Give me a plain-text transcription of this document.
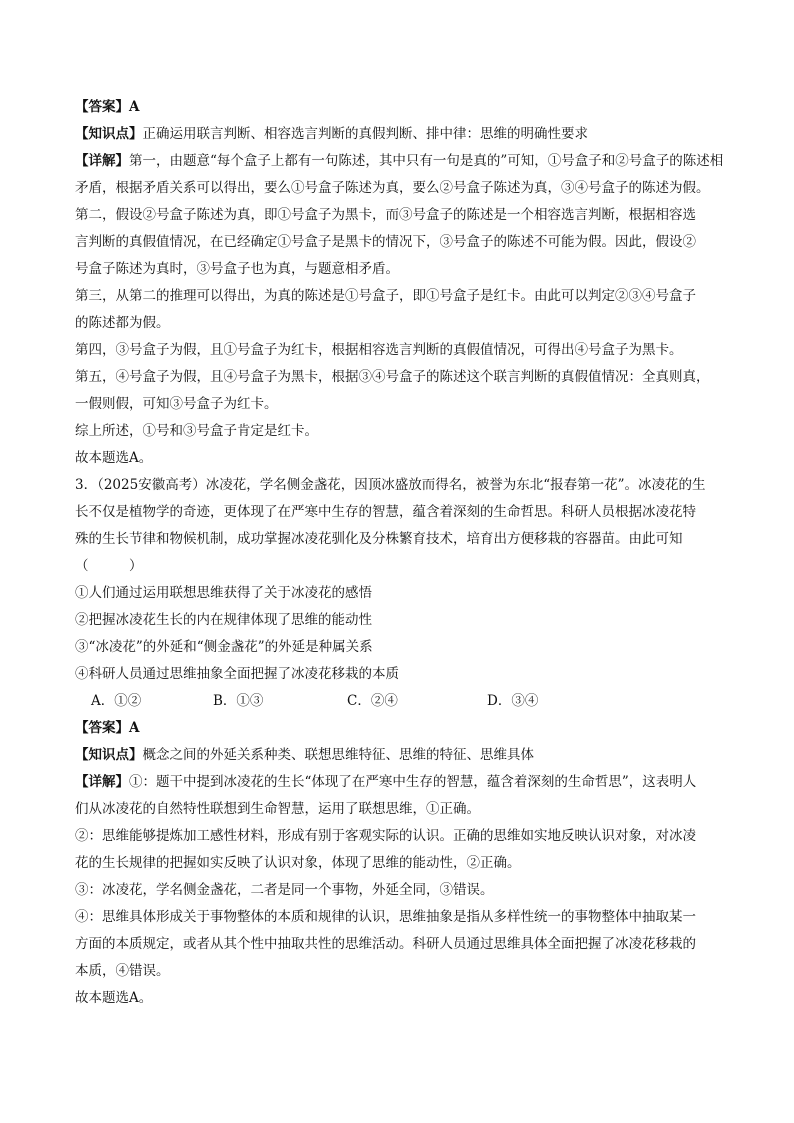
【答案】A

【知识点】正确运用联言判断、相容选言判断的真假判断、排中律：思维的明确性要求

【详解】第一，由题意“每个盒子上都有一句陈述，其中只有一句是真的”可知，①号盒子和②号盒子的陈述相

矛盾，根据矛盾关系可以得出，要么①号盒子陈述为真，要么②号盒子陈述为真，③④号盒子的陈述为假。

第二，假设②号盒子陈述为真，即①号盒子为黑卡，而③号盒子的陈述是一个相容选言判断，根据相容选

言判断的真假值情况，在已经确定①号盒子是黑卡的情况下，③号盒子的陈述不可能为假。因此，假设②

号盒子陈述为真时，③号盒子也为真，与题意相矛盾。

第三，从第二的推理可以得出，为真的陈述是①号盒子，即①号盒子是红卡。由此可以判定②③④号盒子

的陈述都为假。

第四，③号盒子为假，且①号盒子为红卡，根据相容选言判断的真假值情况，可得出④号盒子为黑卡。

第五，④号盒子为假，且④号盒子为黑卡，根据③④号盒子的陈述这个联言判断的真假值情况：全真则真，

一假则假，可知③号盒子为红卡。

综上所述，①号和③号盒子肯定是红卡。

故本题选A。

3．（2025安徽高考）冰凌花，学名侧金盏花，因顶冰盛放而得名，被誉为东北“报春第一花”。冰凌花的生

长不仅是植物学的奇迹，更体现了在严寒中生存的智慧，蕴含着深刻的生命哲思。科研人员根据冰凌花特

殊的生长节律和物候机制，成功掌握冰凌花驯化及分株繁育技术，培育出方便移栽的容器苗。由此可知

（　　　）

①人们通过运用联想思维获得了关于冰凌花的感悟

②把握冰凌花生长的内在规律体现了思维的能动性

③“冰凌花”的外延和“侧金盏花”的外延是种属关系

④科研人员通过思维抽象全面把握了冰凌花移栽的本质

A．①②	B．①③	C．②④	D．③④

【答案】A

【知识点】概念之间的外延关系种类、联想思维特征、思维的特征、思维具体

【详解】①：题干中提到冰凌花的生长“体现了在严寒中生存的智慧，蕴含着深刻的生命哲思”，这表明人

们从冰凌花的自然特性联想到生命智慧，运用了联想思维，①正确。

②：思维能够提炼加工感性材料，形成有别于客观实际的认识。正确的思维如实地反映认识对象，对冰凌

花的生长规律的把握如实反映了认识对象，体现了思维的能动性，②正确。

③：冰凌花，学名侧金盏花，二者是同一个事物，外延全同，③错误。

④：思维具体形成关于事物整体的本质和规律的认识，思维抽象是指从多样性统一的事物整体中抽取某一

方面的本质规定，或者从其个性中抽取共性的思维活动。科研人员通过思维具体全面把握了冰凌花移栽的

本质，④错误。

故本题选A。
